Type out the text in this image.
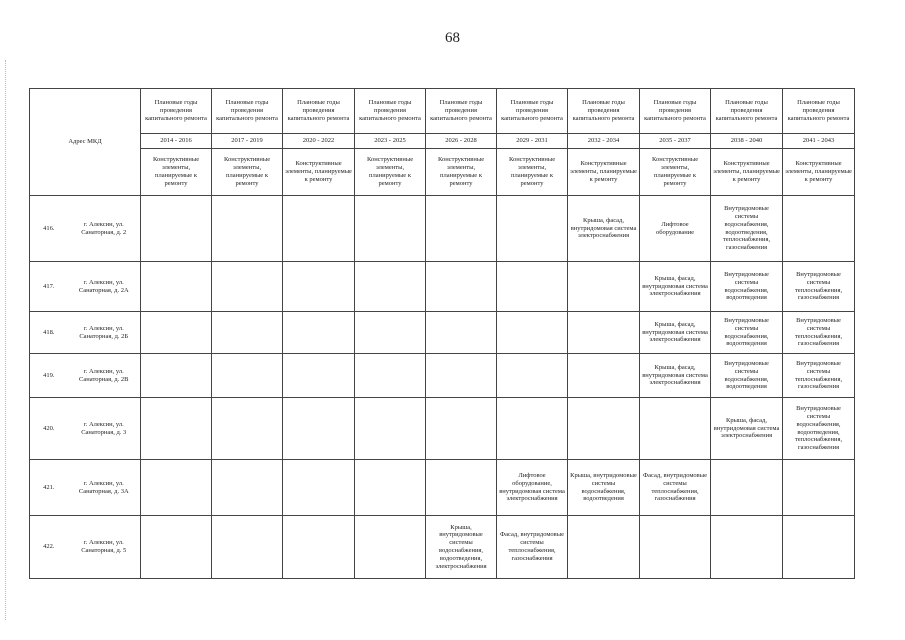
68
Адрес МКД		Плановые годы проведения капитального ремонта	Плановые годы проведения капитального ремонта	Плановые годы проведения капитального ремонта	Плановые годы проведения капитального ремонта	Плановые годы проведения капитального ремонта	Плановые годы проведения капитального ремонта	Плановые годы проведения капитального ремонта	Плановые годы проведения капитального ремонта	Плановые годы проведения капитального ремонта	Плановые годы проведения капитального ремонта
		2014 - 2016	2017 - 2019	2020 - 2022	2023 - 2025	2026 - 2028	2029 - 2031	2032 - 2034	2035 - 2037	2038 - 2040	2041 - 2043
		Конструктивные элементы, планируемые к ремонту	Конструктивные элементы, планируемые к ремонту	Конструктивные элементы, планируемые к ремонту	Конструктивные элементы, планируемые к ремонту	Конструктивные элементы, планируемые к ремонту	Конструктивные элементы, планируемые к ремонту	Конструктивные элементы, планируемые к ремонту	Конструктивные элементы, планируемые к ремонту	Конструктивные элементы, планируемые к ремонту	Конструктивные элементы, планируемые к ремонту
416.	г. Алексин, ул. Санаторная, д. 2							Крыша, фасад, внутридомовая система электроснабжения	Лифтовое оборудование	Внутридомовые системы водоснабжения, водоотведения, теплоснабжения, газоснабжения	
417.	г. Алексин, ул. Санаторная, д. 2А								Крыша, фасад, внутридомовая система электроснабжения	Внутридомовые системы водоснабжения, водоотведения	Внутридомовые системы теплоснабжения, газоснабжения
418.	г. Алексин, ул. Санаторная, д. 2Б								Крыша, фасад, внутридомовая система электроснабжения	Внутридомовые системы водоснабжения, водоотведения	Внутридомовые системы теплоснабжения, газоснабжения
419.	г. Алексин, ул. Санаторная, д. 2В								Крыша, фасад, внутридомовая система электроснабжения	Внутридомовые системы водоснабжения, водоотведения	Внутридомовые системы теплоснабжения, газоснабжения
420.	г. Алексин, ул. Санаторная, д. 3									Крыша, фасад, внутридомовая система электроснабжения	Внутридомовые системы водоснабжения, водоотведения, теплоснабжения, газоснабжения
421.	г. Алексин, ул. Санаторная, д. 3А						Лифтовое оборудование, внутридомовая система электроснабжения	Крыша, внутридомовые системы водоснабжения, водоотведения	Фасад, внутридомовые системы теплоснабжения, газоснабжения		
422.	г. Алексин, ул. Санаторная, д. 5					Крыша, внутридомовые системы водоснабжения, водоотведения, электроснабжения	Фасад, внутридомовые системы теплоснабжения, газоснабжения				
